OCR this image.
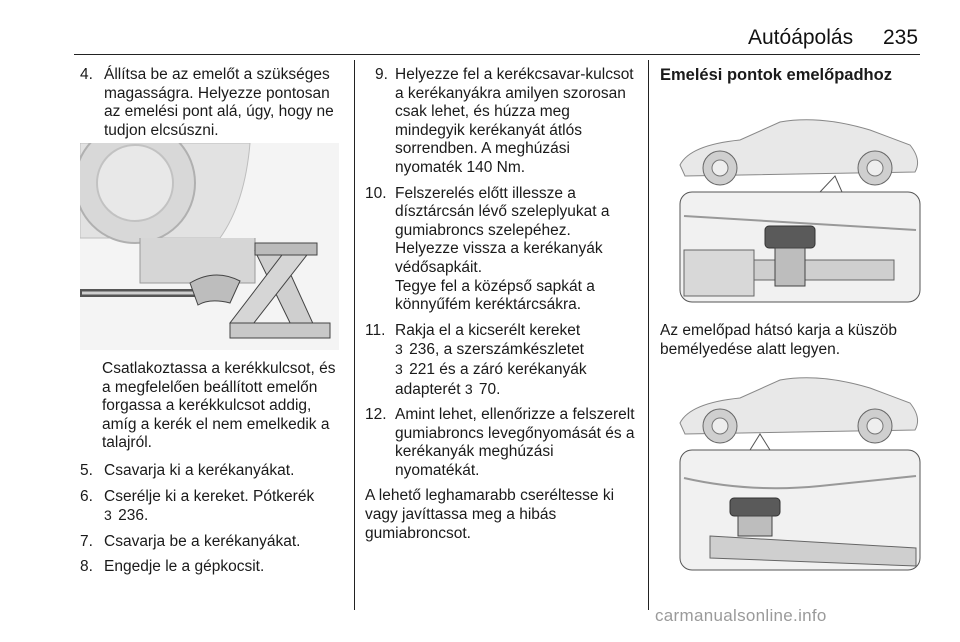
Autóápolás 235
4. Állítsa be az emelőt a szükséges magasságra. Helyezze pontosan az emelési pont alá, úgy, hogy ne tudjon elcsúszni.

Csatlakoztassa a kerékkulcsot, és a megfelelően beállított emelőn forgassa a kerékkulcsot addig, amíg a kerék el nem emelkedik a talajról.

5. Csavarja ki a kerékanyákat.
6. Cserélje ki a kereket. Pótkerék
3 236.
7. Csavarja be a kerékanyákat.
8. Engedje le a gépkocsit.
9. Helyezze fel a kerékcsavar-kulcsot a kerékanyákra amilyen szorosan csak lehet, és húzza meg mindegyik kerékanyát átlós sorrendben. A meghúzási nyomaték 140 Nm.
10. Felszerelés előtt illessze a dísztárcsán lévő szeleplyukat a gumiabroncs szelepéhez.

Helyezze vissza a kerékanyák védősapkáit.

Tegye fel a középső sapkát a könnyűfém keréktárcsákra.

11. Rakja el a kicserélt kereket
3 236, a szerszámkészletet
3 221 és a záró kerékanyák adapterét 3 70.
12. Amint lehet, ellenőrizze a felszerelt gumiabroncs levegőnyomását és a kerékanyák meghúzási nyomatékát.

A lehető leghamarabb cseréltesse ki vagy javíttassa meg a hibás gumiabroncsot.

Emelési pontok emelőpadhoz

Az emelőpad hátsó karja a küszöb bemélyedése alatt legyen.

carmanualsonline.info
